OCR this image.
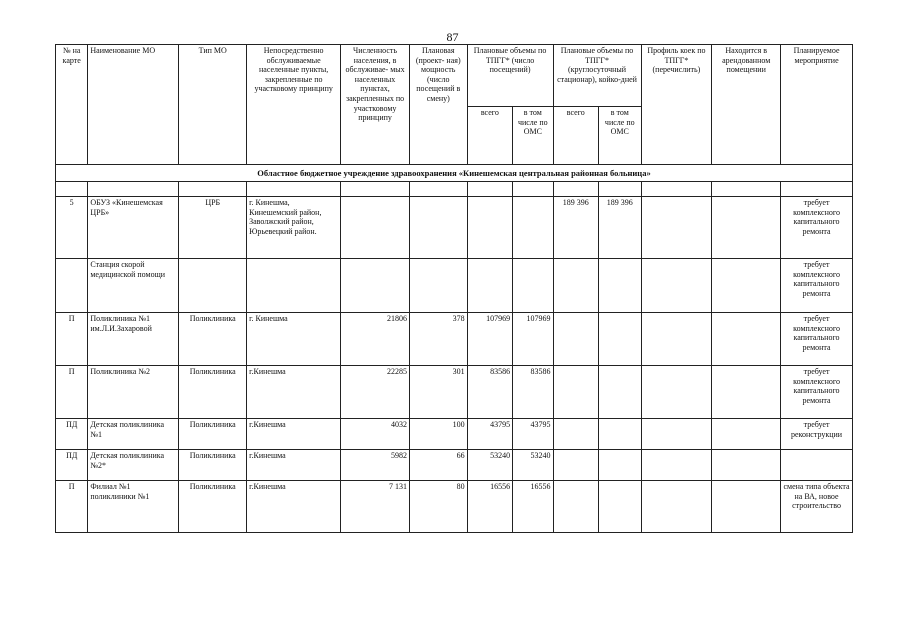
87
№ на карте	Наименование МО	Тип МО	Непосредственно обслуживаемые населенные пункты, закрепленные по участковому принципу	Численность населения, в обслуживае- мых населенных пунктах, закрепленных по участковому принципу	Плановая (проект- ная) мощность (число посещений в смену)	Плановые объемы по ТПГГ* (число посещений)		Плановые объемы по ТПГГ* (круглосуточный стационар), койко-дней		Профиль коек по ТПГГ* (перечислить)	Находится в арендованном помещении	Планируемое мероприятие
						всего	в том числе по ОМС	всего	в том числе по ОМС			
Областное бюджетное учреждение здравоохранения «Кинешемская центральная районная больница»												

5	ОБУЗ «Кинешемская ЦРБ»	ЦРБ	г. Кинешма,
Кинешемский район,
Заволжский район,
Юрьевецкий район.					189 396	189 396			требует комплексного капитального ремонта
	Станция скорой медицинской помощи											требует комплексного капитального ремонта
П	Поликлиника №1 им.Л.И.Захаровой	Поликлиника	г. Кинешма	21806	378	107969	107969					требует комплексного капитального ремонта
П	Поликлиника №2	Поликлиника	г.Кинешма	22285	301	83586	83586					требует комплексного капитального ремонта
ПД	Детская поликлиника №1	Поликлиника	г.Кинешма	4032	100	43795	43795					требует реконструкции
ПД	Детская поликлиника №2*	Поликлиника	г.Кинешма	5982	66	53240	53240					
П	Филиал №1 поликлиники №1	Поликлиника	г.Кинешма	7 131	80	16556	16556					смена типа объекта на ВА, новое строительство
